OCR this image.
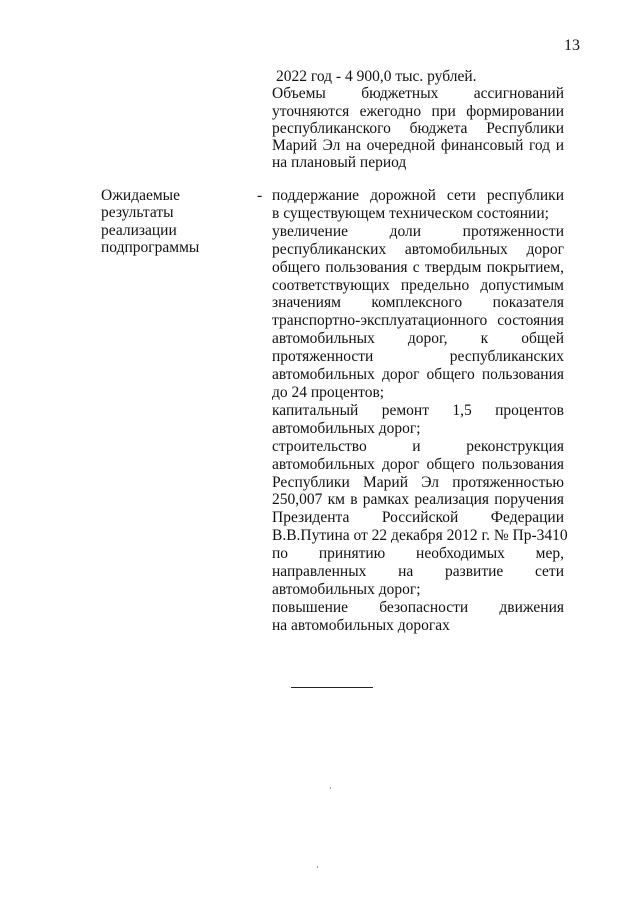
13
2022 год - 4 900,0 тыс. рублей.
Объемы бюджетных ассигнований
уточняются ежегодно при формировании
республиканского бюджета Республики
Марий Эл на очередной финансовый год и
на плановый период
Ожидаемые
результаты
реализации
подпрограммы
- поддержание дорожной сети республики
в существующем техническом состоянии;
увеличение доли протяженности
республиканских автомобильных дорог
общего пользования с твердым покрытием,
соответствующих предельно допустимым
значениям комплексного показателя
транспортно-эксплуатационного состояния
автомобильных дорог, к общей
протяженности республиканских
автомобильных дорог общего пользования
до 24 процентов;
капитальный ремонт 1,5 процентов
автомобильных дорог;
строительство и реконструкция
автомобильных дорог общего пользования
Республики Марий Эл протяженностью
250,007 км в рамках реализация поручения
Президента Российской Федерации
В.В.Путина от 22 декабря 2012 г. № Пр-3410
по принятию необходимых мер,
направленных на развитие сети
автомобильных дорог;
повышение безопасности движения
на автомобильных дорогах
